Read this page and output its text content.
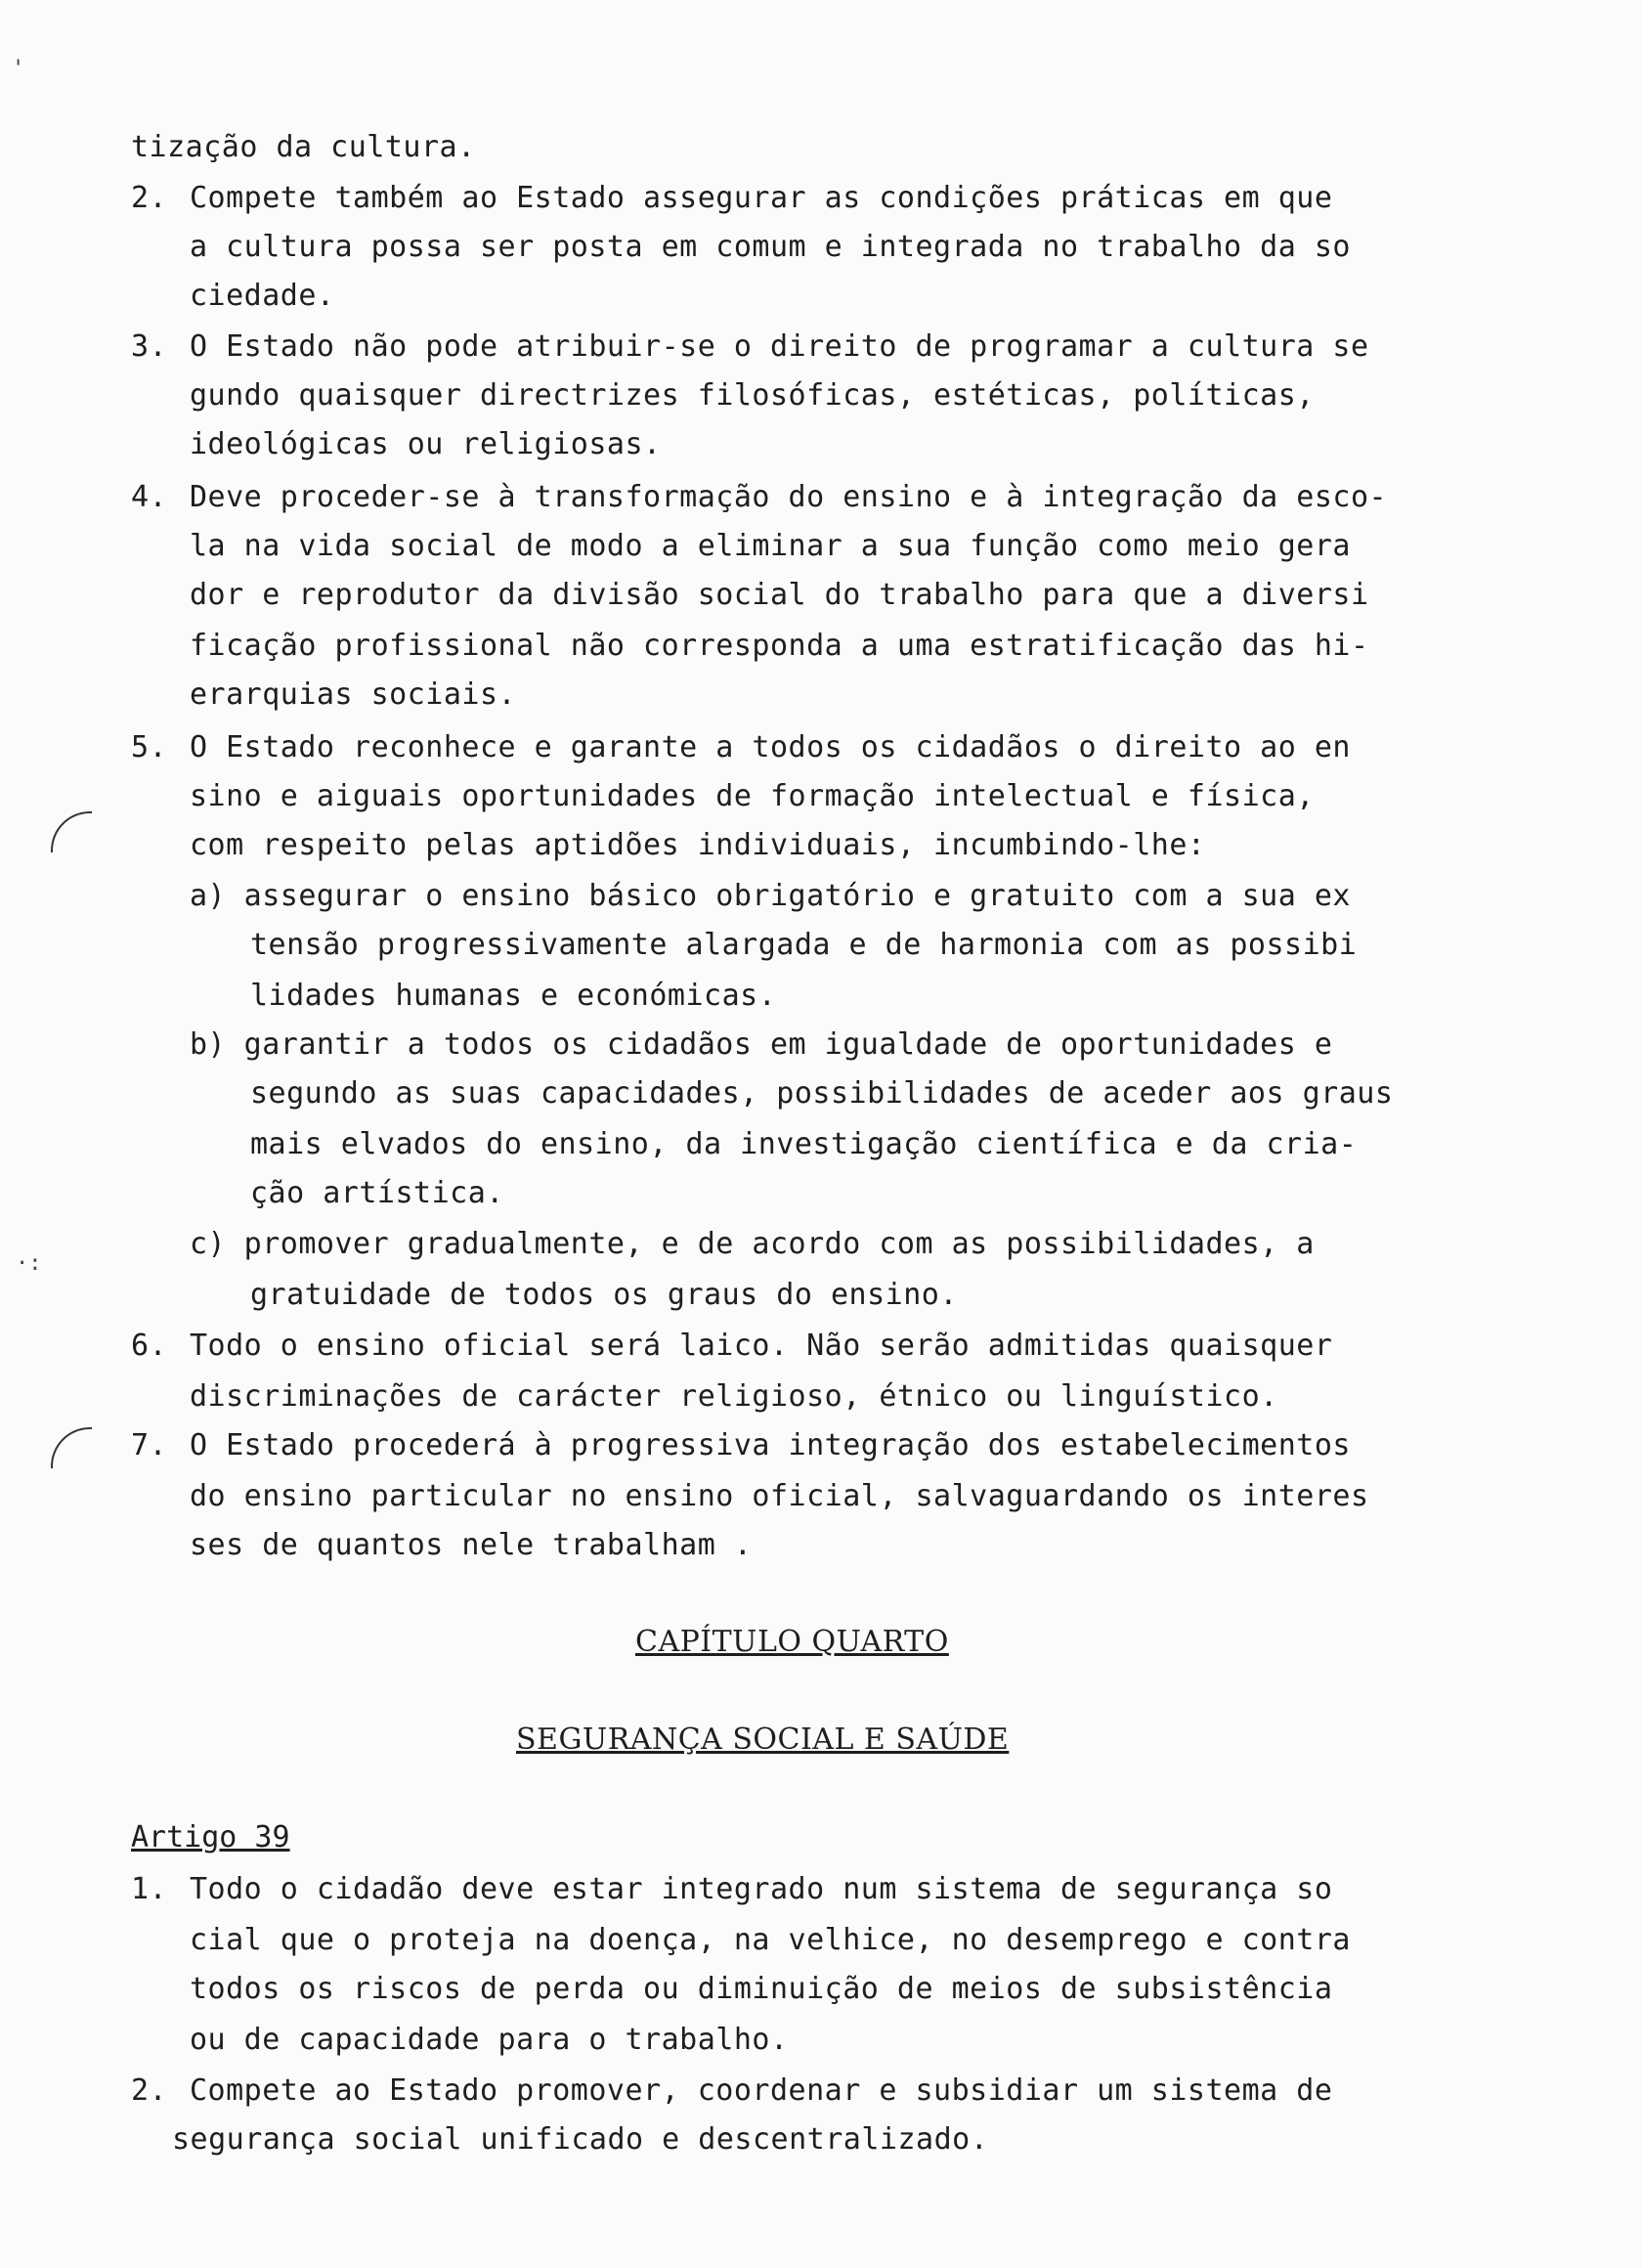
'
·:
tização da cultura.
2. Compete também ao Estado assegurar as condições práticas em que
a cultura possa ser posta em comum e integrada no trabalho da so
ciedade.
3. O Estado não pode atribuir-se o direito de programar a cultura se
gundo quaisquer directrizes filosóficas, estéticas, políticas,
ideológicas ou religiosas.
4. Deve proceder-se à transformação do ensino e à integração da esco-
la na vida social de modo a eliminar a sua função como meio gera
dor e reprodutor da divisão social do trabalho para que a diversi
ficação profissional não corresponda a uma estratificação das hi-
erarquias sociais.
5. O Estado reconhece e garante a todos os cidadãos o direito ao en
sino e aiguais oportunidades de formação intelectual e física,
com respeito pelas aptidões individuais, incumbindo-lhe:
a) assegurar o ensino básico obrigatório e gratuito com a sua ex
tensão progressivamente alargada e de harmonia com as possibi
lidades humanas e económicas.
b) garantir a todos os cidadãos em igualdade de oportunidades e
segundo as suas capacidades, possibilidades de aceder aos graus
mais elvados do ensino, da investigação científica e da cria-
ção artística.
c) promover gradualmente, e de acordo com as possibilidades, a
gratuidade de todos os graus do ensino.
6. Todo o ensino oficial será laico. Não serão admitidas quaisquer
discriminações de carácter religioso, étnico ou linguístico.
7. O Estado procederá à progressiva integração dos estabelecimentos
do ensino particular no ensino oficial, salvaguardando os interes
ses de quantos nele trabalham .
CAPÍTULO QUARTO
SEGURANÇA SOCIAL E SAÚDE
Artigo 39
1. Todo o cidadão deve estar integrado num sistema de segurança so
cial que o proteja na doença, na velhice, no desemprego e contra
todos os riscos de perda ou diminuição de meios de subsistência
ou de capacidade para o trabalho.
2. Compete ao Estado promover, coordenar e subsidiar um sistema de
segurança social unificado e descentralizado.
